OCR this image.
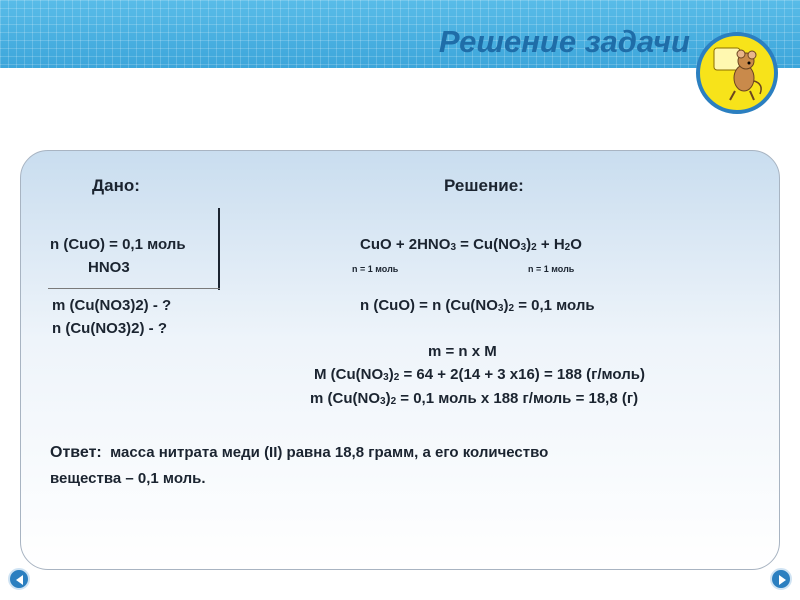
Решение задачи
Дано:	Решение:
n (CuO) = 0,1 моль
HNO3
m (Cu(NO3)2) - ?
n (Cu(NO3)2) - ?
CuO + $2HNO_3 = Cu(NO_3)_2 + H_2O$
n = 1 моль	n = 1 моль
n (CuO) = n ($Cu(NO_3)_2 = 0,1$ моль
m = n x M
M ($Cu(NO_3)_2 = 64 + 2(14 + 3$ x16) = 188 (г/моль)
m ($Cu(NO_3)_2 = 0,1$ моль x 188 г/моль = 18,8 (г)
Ответ: масса нитрата меди (II) равна 18,8 грамм, а его количество
вещества – 0,1 моль.
